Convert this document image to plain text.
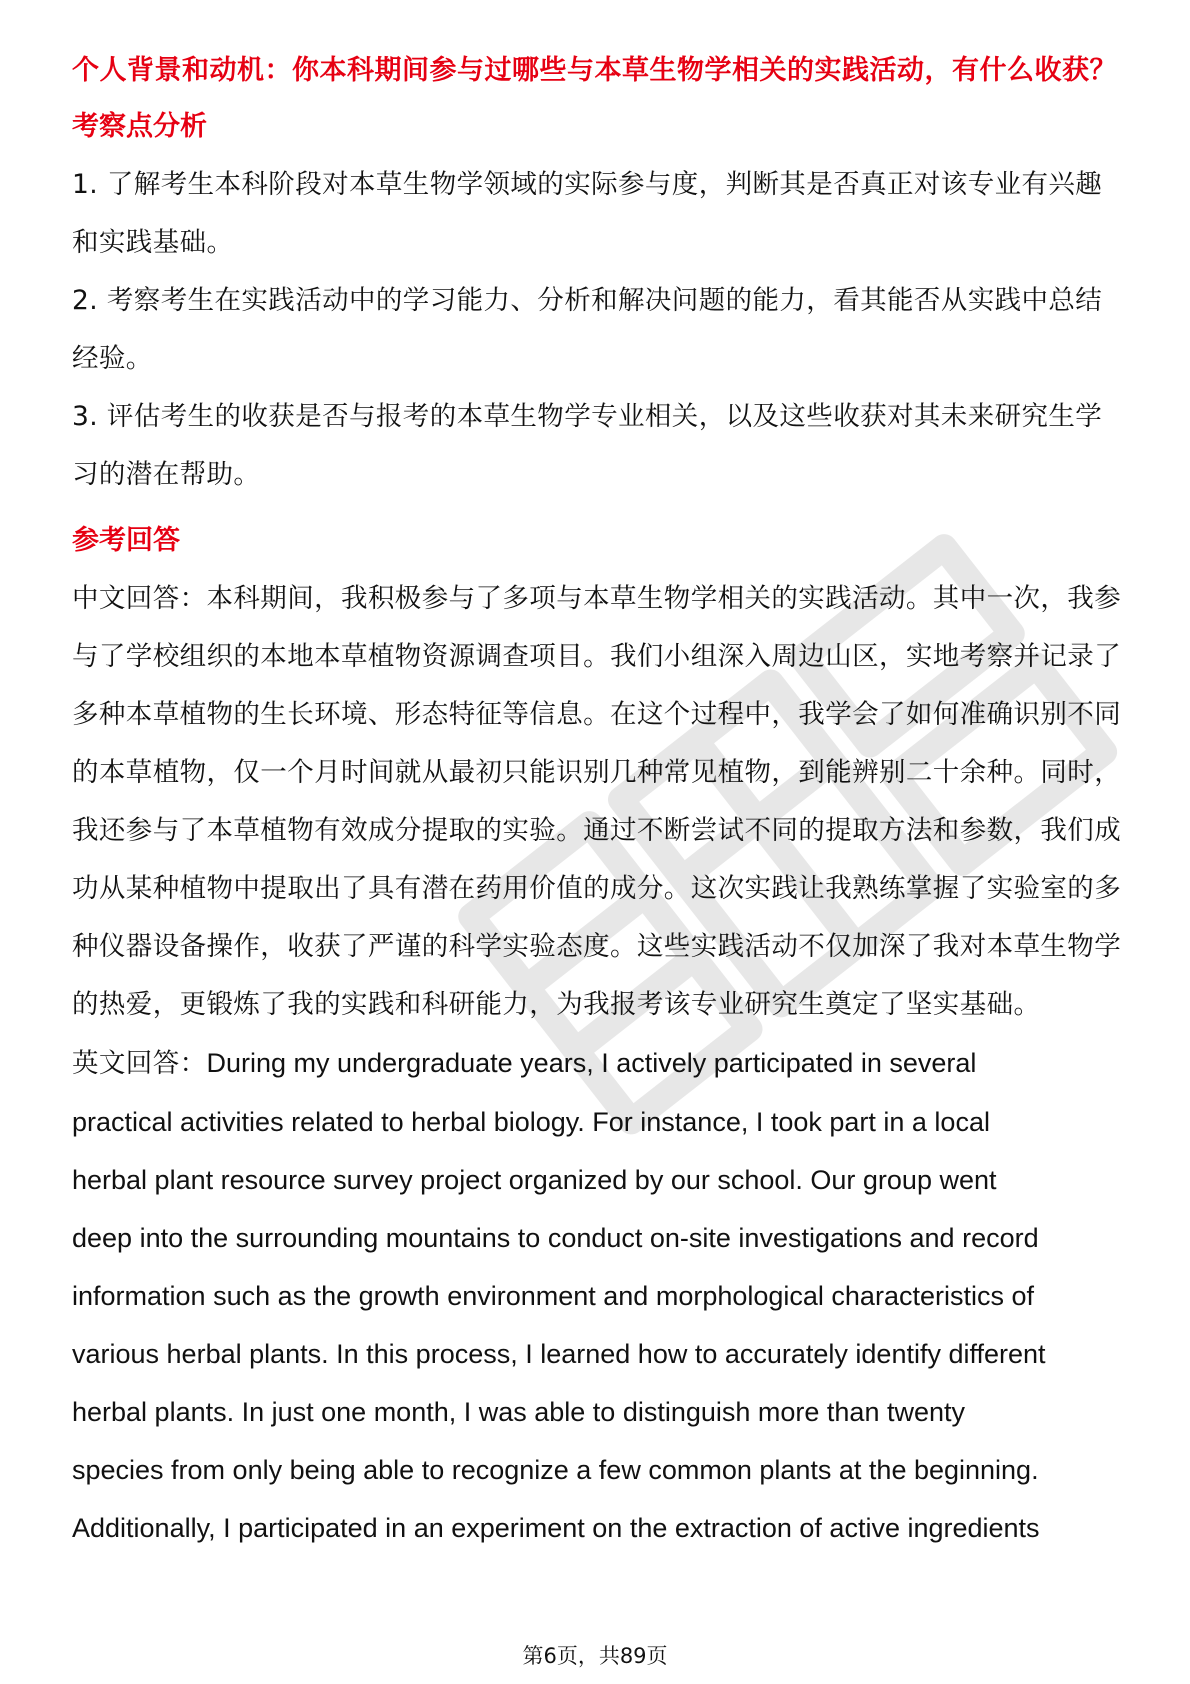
个人背景和动机：你本科期间参与过哪些与本草生物学相关的实践活动，有什么收获？

考察点分析

1. 了解考生本科阶段对本草生物学领域的实际参与度，判断其是否真正对该专业有兴趣和实践基础。

2. 考察考生在实践活动中的学习能力、分析和解决问题的能力，看其能否从实践中总结经验。

3. 评估考生的收获是否与报考的本草生物学专业相关，以及这些收获对其未来研究生学习的潜在帮助。

参考回答

中文回答：本科期间，我积极参与了多项与本草生物学相关的实践活动。其中一次，我参与了学校组织的本地本草植物资源调查项目。我们小组深入周边山区，实地考察并记录了多种本草植物的生长环境、形态特征等信息。在这个过程中，我学会了如何准确识别不同的本草植物，仅一个月时间就从最初只能识别几种常见植物，到能辨别二十余种。同时，我还参与了本草植物有效成分提取的实验。通过不断尝试不同的提取方法和参数，我们成功从某种植物中提取出了具有潜在药用价值的成分。这次实践让我熟练掌握了实验室的多种仪器设备操作，收获了严谨的科学实验态度。这些实践活动不仅加深了我对本草生物学的热爱，更锻炼了我的实践和科研能力，为我报考该专业研究生奠定了坚实基础。

英文回答：During my undergraduate years, I actively participated in several

practical activities related to herbal biology. For instance, I took part in a local

herbal plant resource survey project organized by our school. Our group went

deep into the surrounding mountains to conduct on-site investigations and record

information such as the growth environment and morphological characteristics of

various herbal plants. In this process, I learned how to accurately identify different

herbal plants. In just one month, I was able to distinguish more than twenty

species from only being able to recognize a few common plants at the beginning.

Additionally, I participated in an experiment on the extraction of active ingredients

第6页，共89页
